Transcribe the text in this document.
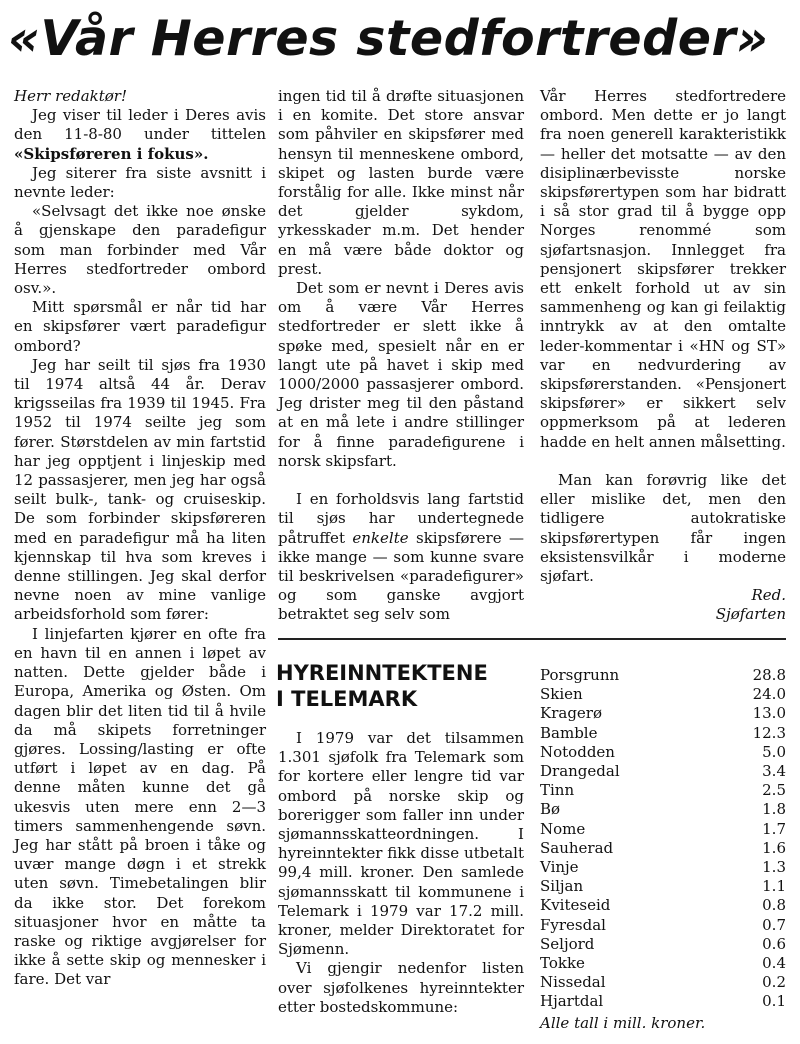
«Vår Herres stedfortreder»

Herr redaktør!

Jeg viser til leder i Deres avis den 11-8-80 under tittelen «Skipsføreren i fokus».

Jeg siterer fra siste avsnitt i nevnte leder:

«Selvsagt det ikke noe ønske å gjenskape den paradefigur som man forbinder med Vår Herres stedfortreder ombord osv.».

Mitt spørsmål er når tid har en skipsfører vært paradefigur ombord?

Jeg har seilt til sjøs fra 1930 til 1974 altså 44 år. Derav krigsseilas fra 1939 til 1945. Fra 1952 til 1974 seilte jeg som fører. Størstdelen av min fartstid har jeg opptjent i linjeskip med 12 passasjerer, men jeg har også seilt bulk-, tank- og cruiseskip. De som forbinder skipsføreren med en paradefigur må ha liten kjennskap til hva som kreves i denne stillingen. Jeg skal derfor nevne noen av mine vanlige arbeidsforhold som fører:

I linjefarten kjører en ofte fra en havn til en annen i løpet av natten. Dette gjelder både i Europa, Amerika og Østen. Om dagen blir det liten tid til å hvile da må skipets forretninger gjøres. Lossing/lasting er ofte utført i løpet av en dag. På denne måten kunne det gå ukesvis uten mere enn 2—3 timers sammenhengende søvn. Jeg har stått på broen i tåke og uvær mange døgn i et strekk uten søvn. Timebetalingen blir da ikke stor. Det forekom situasjoner hvor en måtte ta raske og riktige avgjørelser for ikke å sette skip og mennesker i fare. Det var

ingen tid til å drøfte situasjonen i en komite. Det store ansvar som påhviler en skipsfører med hensyn til menneskene ombord, skipet og lasten burde være forstålig for alle. Ikke minst når det gjelder sykdom, yrkesskader m.m. Det hender en må være både doktor og prest.

Det som er nevnt i Deres avis om å være Vår Herres stedfortreder er slett ikke å spøke med, spesielt når en er langt ute på havet i skip med 1000/2000 passasjerer ombord. Jeg drister meg til den påstand at en må lete i andre stillinger for å finne paradefigurene i norsk skipsfart.

I en forholdsvis lang fartstid til sjøs har undertegnede påtruffet enkelte skipsførere — ikke mange — som kunne svare til beskrivelsen «paradefigurer» og som ganske avgjort betraktet seg selv som

Vår Herres stedfortredere ombord. Men dette er jo langt fra noen generell karakteristikk — heller det motsatte — av den disiplinærbevisste norske skipsførertypen som har bidratt i så stor grad til å bygge opp Norges renommé som sjøfartsnasjon. Innlegget fra pensjonert skipsfører trekker ett enkelt forhold ut av sin sammenheng og kan gi feilaktig inntrykk av at den omtalte leder-kommentar i «HN og ST» var en nedvurdering av skipsførerstanden. «Pensjonert skipsfører» er sikkert selv oppmerksom på at lederen hadde en helt annen målsetting.

Man kan forøvrig like det eller mislike det, men den tidligere autokratiske skipsførertypen får ingen eksistensvilkår i moderne sjøfart.

Red.
Sjøfarten
HYREINNTEKTENE
I TELEMARK

I 1979 var det tilsammen 1.301 sjøfolk fra Telemark som for kortere eller lengre tid var ombord på norske skip og borerigger som faller inn under sjømannsskatteordningen. I hyreinntekter fikk disse utbetalt 99,4 mill. kroner. Den samlede sjømannsskatt til kommunene i Telemark i 1979 var 17.2 mill. kroner, melder Direktoratet for Sjømenn.

Vi gjengir nedenfor listen over sjøfolkenes hyreinntekter etter bostedskommune:

Porsgrunn	28.8
Skien	24.0
Kragerø	13.0
Bamble	12.3
Notodden	5.0
Drangedal	3.4
Tinn	2.5
Bø	1.8
Nome	1.7
Sauherad	1.6
Vinje	1.3
Siljan	1.1
Kviteseid	0.8
Fyresdal	0.7
Seljord	0.6
Tokke	0.4
Nissedal	0.2
Hjartdal	0.1
Alle tall i mill. kroner.
